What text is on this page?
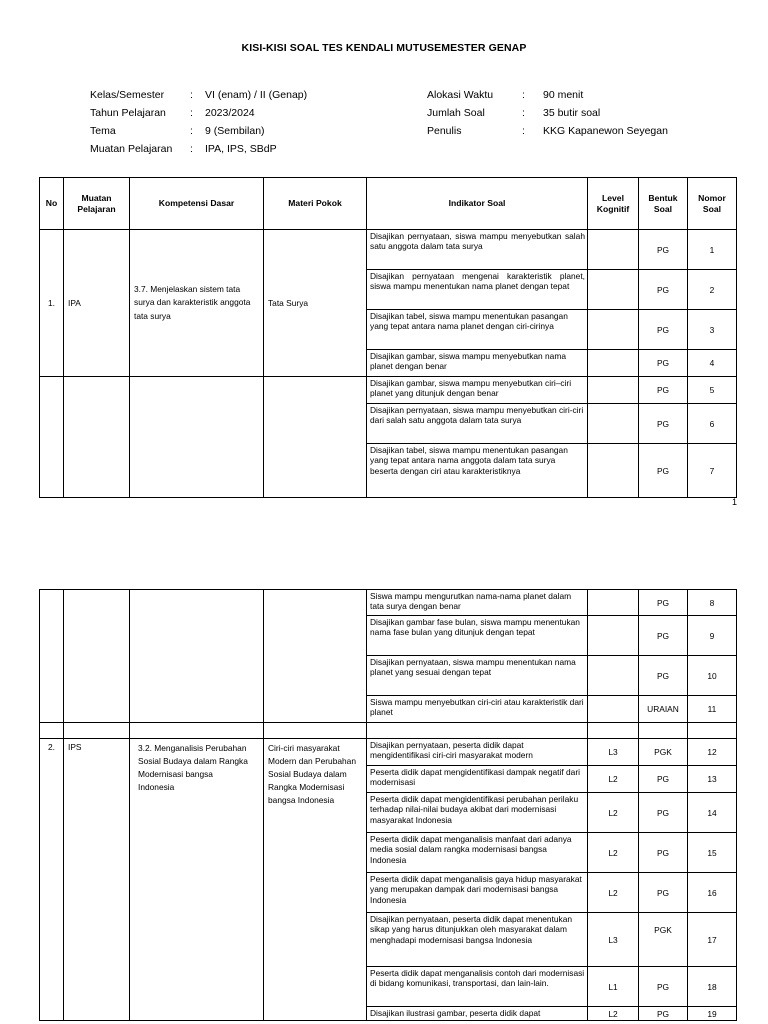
KISI-KISI SOAL TES KENDALI MUTUSEMESTER GENAP
Kelas/Semester	:	VI (enam) / II (Genap)
Tahun Pelajaran	:	2023/2024
Tema	:	9 (Sembilan)
Muatan Pelajaran	:	IPA, IPS, SBdP
Alokasi Waktu	:	90 menit
Jumlah Soal	:	35 butir soal
Penulis	:	KKG Kapanewon Seyegan
No	Muatan Pelajaran	Kompetensi Dasar	Materi Pokok	Indikator Soal	Level Kognitif	Bentuk Soal	Nomor Soal
1.	IPA	3.7. Menjelaskan sistem tata surya dan karakteristik anggota tata surya	Tata Surya	Disajikan pernyataan, siswa mampu menyebutkan salah satu anggota dalam tata surya		PG	1
				Disajikan pernyataan mengenai karakteristik planet, siswa mampu menentukan nama planet dengan tepat		PG	2
				Disajikan tabel, siswa mampu menentukan pasangan yang tepat antara nama planet dengan ciri-cirinya		PG	3
				Disajikan gambar, siswa mampu menyebutkan nama planet dengan benar		PG	4
				Disajikan gambar, siswa mampu menyebutkan ciri–ciri planet yang ditunjuk dengan benar		PG	5
				Disajikan pernyataan, siswa mampu menyebutkan ciri-ciri dari salah satu anggota dalam tata surya		PG	6
				Disajikan tabel, siswa mampu menentukan pasangan yang tepat antara nama anggota dalam tata surya beserta dengan ciri atau karakteristiknya		PG	7
1
				Siswa mampu mengurutkan nama-nama planet dalam tata surya dengan benar		PG	8
				Disajikan gambar fase bulan, siswa mampu menentukan nama fase bulan yang ditunjuk dengan tepat		PG	9
				Disajikan pernyataan, siswa mampu menentukan nama planet yang sesuai dengan tepat		PG	10
				Siswa mampu menyebutkan ciri-ciri atau karakteristik dari planet		URAIAN	11

2.	IPS	3.2. Menganalisis Perubahan Sosial Budaya dalam Rangka Modernisasi bangsa Indonesia	Ciri-ciri masyarakat Modern dan Perubahan Sosial Budaya dalam Rangka Modernisasi bangsa Indonesia	Disajikan pernyataan, peserta didik dapat mengidentifikasi ciri-ciri masyarakat modern	L3	PGK	12
				Peserta didik dapat mengidentifikasi dampak negatif dari modernisasi	L2	PG	13
				Peserta didik dapat mengidentifikasi perubahan perilaku terhadap nilai-nilai budaya akibat dari modernisasi masyarakat Indonesia	L2	PG	14
				Peserta didik dapat menganalisis manfaat dari adanya media sosial dalam rangka modernisasi bangsa Indonesia	L2	PG	15
				Peserta didik dapat menganalisis gaya hidup masyarakat yang merupakan dampak dari modernisasi bangsa Indonesia	L2	PG	16
				Disajikan pernyataan, peserta didik dapat menentukan sikap yang harus ditunjukkan oleh masyarakat dalam menghadapi modernisasi bangsa Indonesia	L3	PGK	17
				Peserta didik dapat menganalisis contoh dari modernisasi di bidang komunikasi, transportasi, dan lain-lain.	L1	PG	18
				Disajikan ilustrasi gambar, peserta didik dapat	L2	PG	19
